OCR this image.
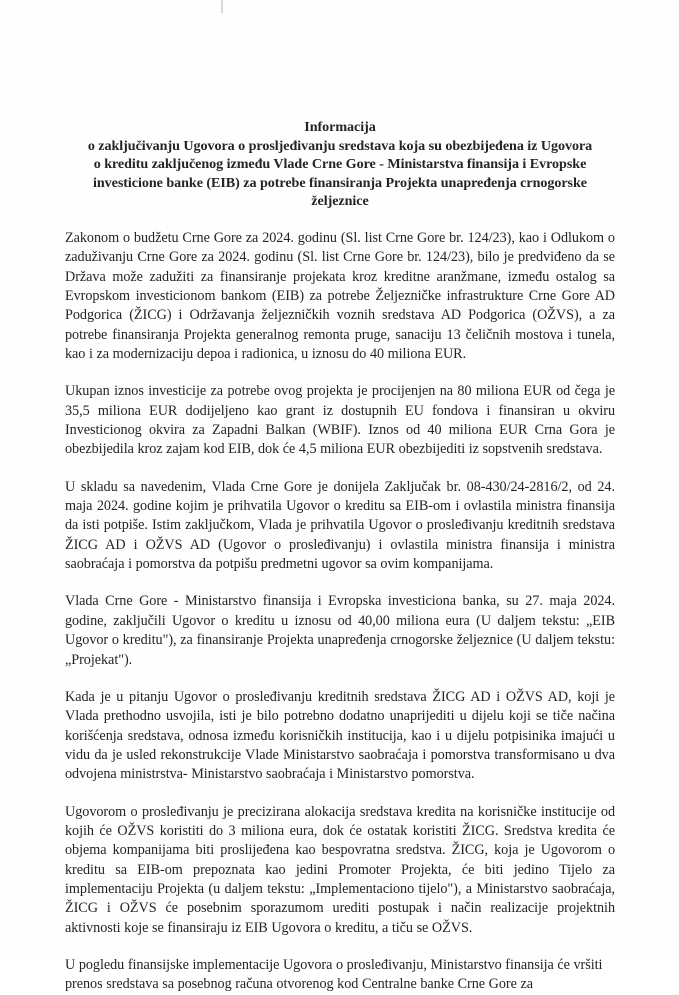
Informacija
o zaključivanju Ugovora o prosljeđivanju sredstava koja su obezbijeđena iz Ugovora
o kreditu zaključenog između Vlade Crne Gore - Ministarstva finansija i Evropske
investicione banke (EIB) za potrebe finansiranja Projekta unapređenja crnogorske
željeznice

Zakonom o budžetu Crne Gore za 2024. godinu (Sl. list Crne Gore br. 124/23), kao i Odlukom o zaduživanju Crne Gore za 2024. godinu (Sl. list Crne Gore br. 124/23), bilo je predviđeno da se Država može zadužiti za finansiranje projekata kroz kreditne aranžmane, između ostalog sa Evropskom investicionom bankom (EIB) za potrebe Željezničke infrastrukture Crne Gore AD Podgorica (ŽICG) i Održavanja željezničkih voznih sredstava AD Podgorica (OŽVS), a za potrebe finansiranja Projekta generalnog remonta pruge, sanaciju 13 čeličnih mostova i tunela, kao i za modernizaciju depoa i radionica, u iznosu do 40 miliona EUR.

Ukupan iznos investicije za potrebe ovog projekta je procijenjen na 80 miliona EUR od čega je 35,5 miliona EUR dodijeljeno kao grant iz dostupnih EU fondova i finansiran u okviru Investicionog okvira za Zapadni Balkan (WBIF). Iznos od 40 miliona EUR Crna Gora je obezbijedila kroz zajam kod EIB, dok će 4,5 miliona EUR obezbijediti iz sopstvenih sredstava.

U skladu sa navedenim, Vlada Crne Gore je donijela Zaključak br. 08-430/24-2816/2, od 24. maja 2024. godine kojim je prihvatila Ugovor o kreditu sa EIB-om i ovlastila ministra finansija da isti potpiše. Istim zaključkom, Vlada je prihvatila Ugovor o prosleđivanju kreditnih sredstava ŽICG AD i OŽVS AD (Ugovor o prosleđivanju) i ovlastila ministra finansija i ministra saobraćaja i pomorstva da potpišu predmetni ugovor sa ovim kompanijama.

Vlada Crne Gore - Ministarstvo finansija i Evropska investiciona banka, su 27. maja 2024. godine, zaključili Ugovor o kreditu u iznosu od 40,00 miliona eura (U daljem tekstu: „EIB Ugovor o kreditu"), za finansiranje Projekta unapređenja crnogorske željeznice (U daljem tekstu: „Projekat").

Kada je u pitanju Ugovor o prosleđivanju kreditnih sredstava ŽICG AD i OŽVS AD, koji je Vlada prethodno usvojila, isti je bilo potrebno dodatno unaprijediti u dijelu koji se tiče načina korišćenja sredstava, odnosa između korisničkih institucija, kao i u dijelu potpisinika imajući u vidu da je usled rekonstrukcije Vlade Ministarstvo saobraćaja i pomorstva transformisano u dva odvojena ministrstva- Ministarstvo saobraćaja i Ministarstvo pomorstva.

Ugovorom o prosleđivanju je precizirana alokacija sredstava kredita na korisničke institucije od kojih će OŽVS koristiti do 3 miliona eura, dok će ostatak koristiti ŽICG. Sredstva kredita će objema kompanijama biti proslijeđena kao bespovratna sredstva. ŽICG, koja je Ugovorom o kreditu sa EIB-om prepoznata kao jedini Promoter Projekta, će biti jedino Tijelo za implementaciju Projekta (u daljem tekstu: „Implementaciono tijelo"), a Ministarstvo saobraćaja, ŽICG i OŽVS će posebnim sporazumom urediti postupak i način realizacije projektnih aktivnosti koje se finansiraju iz EIB Ugovora o kreditu, a tiču se OŽVS.

U pogledu finansijske implementacije Ugovora o prosleđivanju, Ministarstvo finansija će vršiti prenos sredstava sa posebnog računa otvorenog kod Centralne banke Crne Gore za
